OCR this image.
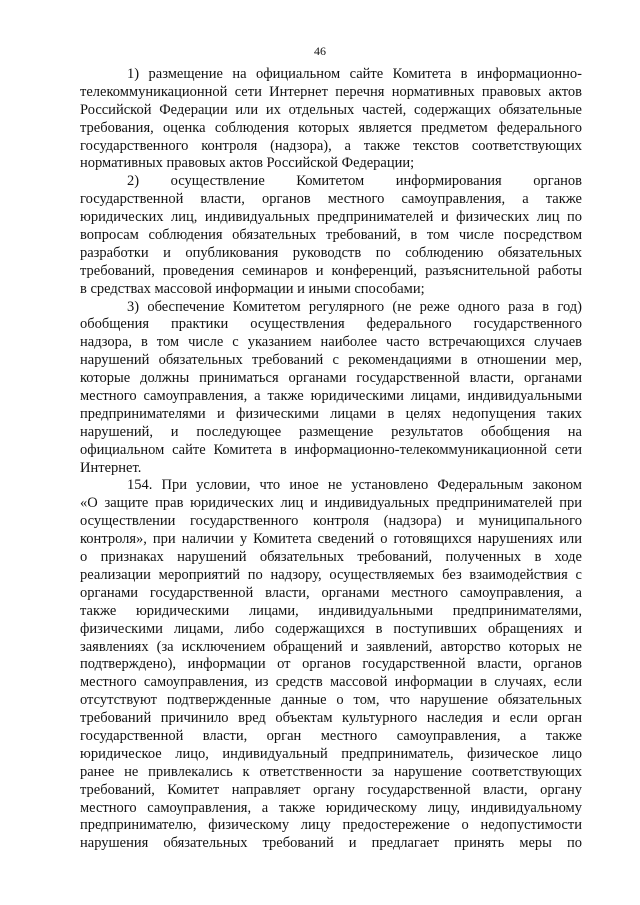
46
1) размещение на официальном сайте Комитета в информационно-
телекоммуникационной сети Интернет перечня нормативных правовых актов
Российской Федерации или их отдельных частей, содержащих обязательные
требования, оценка соблюдения которых является предметом федерального
государственного контроля (надзора), а также текстов соответствующих
нормативных правовых актов Российской Федерации;
2) осуществление Комитетом информирования органов
государственной власти, органов местного самоуправления, а также
юридических лиц, индивидуальных предпринимателей и физических лиц по
вопросам соблюдения обязательных требований, в том числе посредством
разработки и опубликования руководств по соблюдению обязательных
требований, проведения семинаров и конференций, разъяснительной работы
в средствах массовой информации и иными способами;
3) обеспечение Комитетом регулярного (не реже одного раза в год)
обобщения практики осуществления федерального государственного
надзора, в том числе с указанием наиболее часто встречающихся случаев
нарушений обязательных требований с рекомендациями в отношении мер,
которые должны приниматься органами государственной власти, органами
местного самоуправления, а также юридическими лицами, индивидуальными
предпринимателями и физическими лицами в целях недопущения таких
нарушений, и последующее размещение результатов обобщения на
официальном сайте Комитета в информационно-телекоммуникационной сети
Интернет.
154. При условии, что иное не установлено Федеральным законом
«О защите прав юридических лиц и индивидуальных предпринимателей при
осуществлении государственного контроля (надзора) и муниципального
контроля», при наличии у Комитета сведений о готовящихся нарушениях или
о признаках нарушений обязательных требований, полученных в ходе
реализации мероприятий по надзору, осуществляемых без взаимодействия с
органами государственной власти, органами местного самоуправления, а
также юридическими лицами, индивидуальными предпринимателями,
физическими лицами, либо содержащихся в поступивших обращениях и
заявлениях (за исключением обращений и заявлений, авторство которых не
подтверждено), информации от органов государственной власти, органов
местного самоуправления, из средств массовой информации в случаях, если
отсутствуют подтвержденные данные о том, что нарушение обязательных
требований причинило вред объектам культурного наследия и если орган
государственной власти, орган местного самоуправления, а также
юридическое лицо, индивидуальный предприниматель, физическое лицо
ранее не привлекались к ответственности за нарушение соответствующих
требований, Комитет направляет органу государственной власти, органу
местного самоуправления, а также юридическому лицу, индивидуальному
предпринимателю, физическому лицу предостережение о недопустимости
нарушения обязательных требований и предлагает принять меры по
